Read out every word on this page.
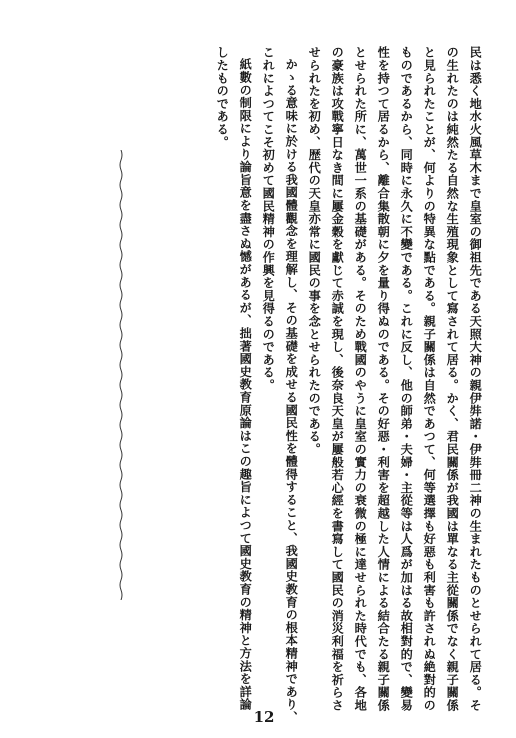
民は悉く地水火風草木まで皇室の御祖先である天照大神の親伊弉諾・伊弉冊二神の生まれたものとせられて居る。そ
の生れたのは純然たる自然な生殖現象として寫されて居る。かく、君民關係が我國は單なる主從關係でなく親子關係
と見られたことが、何よりの特異な點である。親子關係は自然であつて、何等選擇も好惡も利害も許されぬ絶對的の
ものであるから、同時に永久に不變である。これに反し、他の師弟・夫婦・主從等は人爲が加はる故相對的で、變易
性を持つて居るから、離合集散朝に夕を量り得ぬのである。その好惡・利害を超越した人情による結合たる親子關係
とせられた所に、萬世一系の基礎がある。そのため戰國のやうに皇室の實力の衰微の極に達せられた時代でも、各地
の豪族は攻戰寧日なき間に屢金穀を獻じて赤誠を現し、後奈良天皇が屢般若心經を書寫して國民の消災利福を祈らさ
せられたを初め、歴代の天皇亦常に國民の事を念とせられたのである。
かゝる意味に於ける我國體觀念を理解し、その基礎を成せる國民性を體得すること、我國史教育の根本精神であり、
これによつてこそ初めて國民精神の作興を見得るのである。
紙數の制限により論旨意を盡さぬ憾があるが、拙著國史教育原論はこの趣旨によつて國史教育の精神と方法を詳論
したものである。
12
